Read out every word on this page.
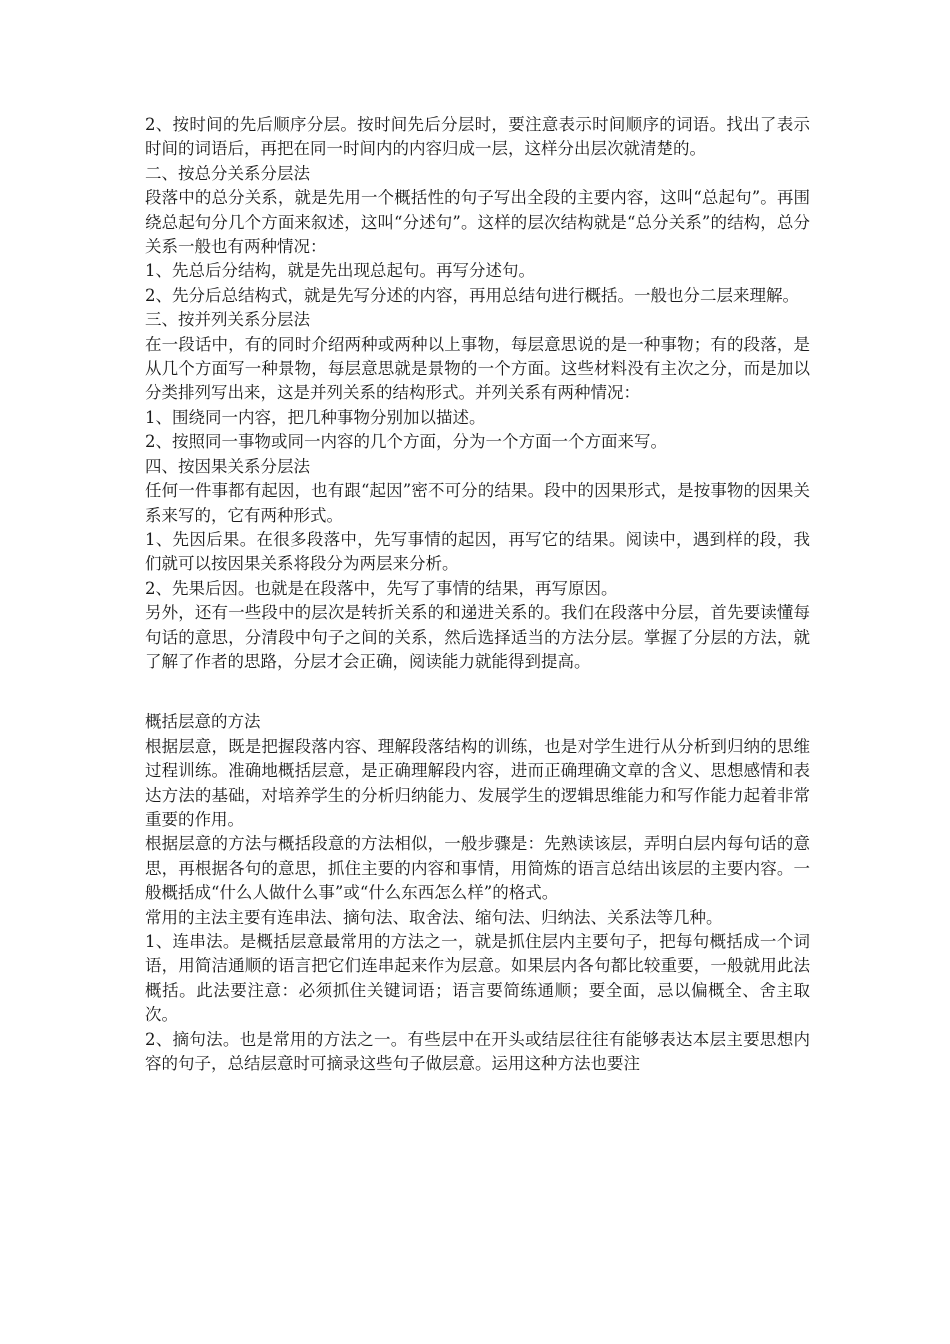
2、按时间的先后顺序分层。按时间先后分层时，要注意表示时间顺序的词语。找出了表示时间的词语后，再把在同一时间内的内容归成一层，这样分出层次就清楚的。

二、按总分关系分层法

段落中的总分关系，就是先用一个概括性的句子写出全段的主要内容，这叫“总起句”。再围绕总起句分几个方面来叙述，这叫“分述句”。这样的层次结构就是“总分关系”的结构，总分关系一般也有两种情况：

1、先总后分结构，就是先出现总起句。再写分述句。

2、先分后总结构式，就是先写分述的内容，再用总结句进行概括。一般也分二层来理解。

三、按并列关系分层法

在一段话中，有的同时介绍两种或两种以上事物，每层意思说的是一种事物；有的段落，是从几个方面写一种景物，每层意思就是景物的一个方面。这些材料没有主次之分，而是加以分类排列写出来，这是并列关系的结构形式。并列关系有两种情况：

1、围绕同一内容，把几种事物分别加以描述。

2、按照同一事物或同一内容的几个方面，分为一个方面一个方面来写。

四、按因果关系分层法

任何一件事都有起因，也有跟“起因”密不可分的结果。段中的因果形式，是按事物的因果关系来写的，它有两种形式。

1、先因后果。在很多段落中，先写事情的起因，再写它的结果。阅读中，遇到样的段，我们就可以按因果关系将段分为两层来分析。

2、先果后因。也就是在段落中，先写了事情的结果，再写原因。

另外，还有一些段中的层次是转折关系的和递进关系的。我们在段落中分层，首先要读懂每句话的意思，分清段中句子之间的关系，然后选择适当的方法分层。掌握了分层的方法，就了解了作者的思路，分层才会正确，阅读能力就能得到提高。

概括层意的方法

根据层意，既是把握段落内容、理解段落结构的训练，也是对学生进行从分析到归纳的思维过程训练。准确地概括层意，是正确理解段内容，进而正确理确文章的含义、思想感情和表达方法的基础，对培养学生的分析归纳能力、发展学生的逻辑思维能力和写作能力起着非常重要的作用。

根据层意的方法与概括段意的方法相似，一般步骤是：先熟读该层，弄明白层内每句话的意思，再根据各句的意思，抓住主要的内容和事情，用简炼的语言总结出该层的主要内容。一般概括成“什么人做什么事”或“什么东西怎么样”的格式。

常用的主法主要有连串法、摘句法、取舍法、缩句法、归纳法、关系法等几种。

1、连串法。是概括层意最常用的方法之一，就是抓住层内主要句子，把每句概括成一个词语，用简洁通顺的语言把它们连串起来作为层意。如果层内各句都比较重要，一般就用此法概括。此法要注意：必须抓住关键词语；语言要简练通顺；要全面，忌以偏概全、舍主取次。

2、摘句法。也是常用的方法之一。有些层中在开头或结层往往有能够表达本层主要思想内容的句子，总结层意时可摘录这些句子做层意。运用这种方法也要注
